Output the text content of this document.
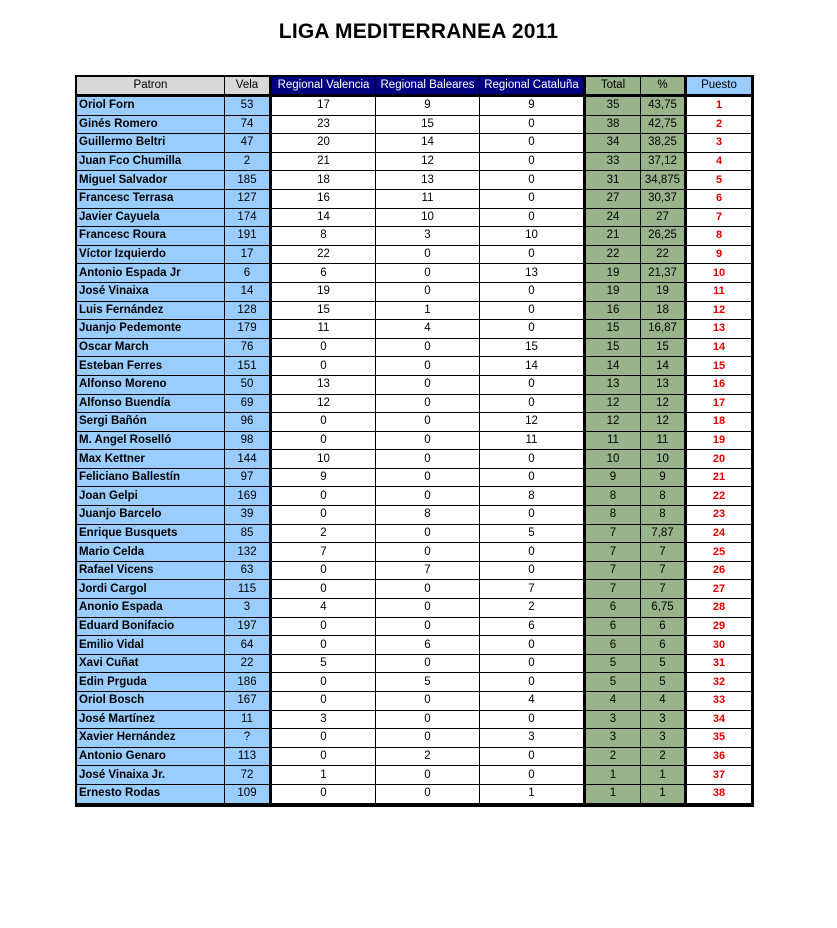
LIGA MEDITERRANEA 2011
Patron	Vela	Regional Valencia	Regional Baleares	Regional Cataluña	Total	%	Puesto
Oriol Forn	53	17	9	9	35	43,75	1
Ginés Romero	74	23	15	0	38	42,75	2
Guillermo Beltri	47	20	14	0	34	38,25	3
Juan Fco Chumilla	2	21	12	0	33	37,12	4
Miguel Salvador	185	18	13	0	31	34,875	5
Francesc Terrasa	127	16	11	0	27	30,37	6
Javier Cayuela	174	14	10	0	24	27	7
Francesc Roura	191	8	3	10	21	26,25	8
Víctor Izquierdo	17	22	0	0	22	22	9
Antonio Espada Jr	6	6	0	13	19	21,37	10
José Vinaixa	14	19	0	0	19	19	11
Luis Fernández	128	15	1	0	16	18	12
Juanjo Pedemonte	179	11	4	0	15	16,87	13
Oscar March	76	0	0	15	15	15	14
Esteban Ferres	151	0	0	14	14	14	15
Alfonso Moreno	50	13	0	0	13	13	16
Alfonso Buendía	69	12	0	0	12	12	17
Sergi Bañón	96	0	0	12	12	12	18
M. Angel Roselló	98	0	0	11	11	11	19
Max Kettner	144	10	0	0	10	10	20
Feliciano Ballestín	97	9	0	0	9	9	21
Joan Gelpi	169	0	0	8	8	8	22
Juanjo Barcelo	39	0	8	0	8	8	23
Enrique Busquets	85	2	0	5	7	7,87	24
Mario Celda	132	7	0	0	7	7	25
Rafael Vicens	63	0	7	0	7	7	26
Jordi Cargol	115	0	0	7	7	7	27
Anonio Espada	3	4	0	2	6	6,75	28
Eduard Bonifacio	197	0	0	6	6	6	29
Emilio Vidal	64	0	6	0	6	6	30
Xavi Cuñat	22	5	0	0	5	5	31
Edin Prguda	186	0	5	0	5	5	32
Oriol Bosch	167	0	0	4	4	4	33
José Martínez	11	3	0	0	3	3	34
Xavier Hernández	?	0	0	3	3	3	35
Antonio Genaro	113	0	2	0	2	2	36
José Vinaixa Jr.	72	1	0	0	1	1	37
Ernesto Rodas	109	0	0	1	1	1	38
